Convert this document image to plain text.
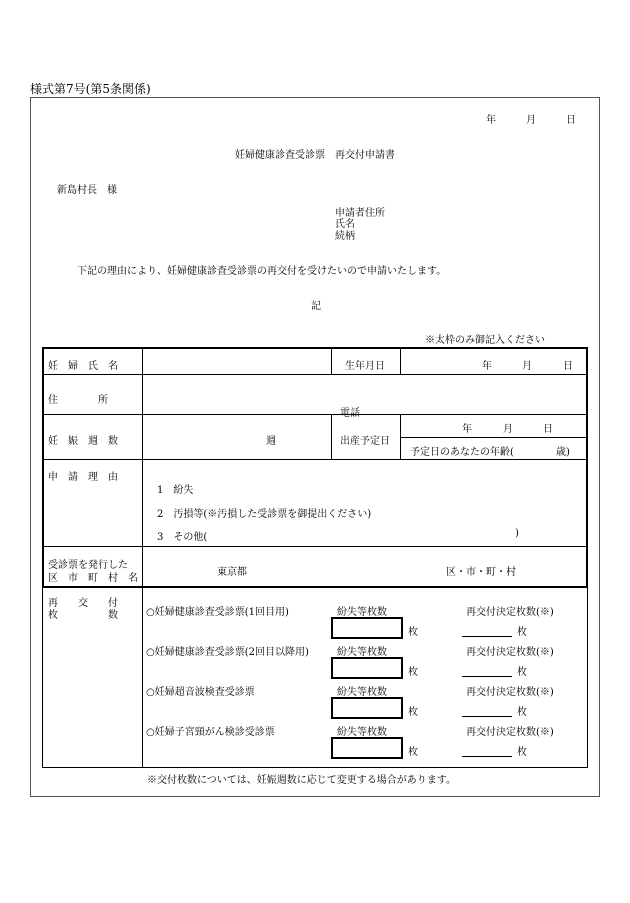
様式第7号(第5条関係)
年	月	日
妊婦健康診査受診票　再交付申請書
新島村長　様
申請者住所
氏名
続柄
下記の理由により、妊婦健康診査受診票の再交付を受けたいので申請いたします。
記
※太枠のみ御記入ください
妊　婦　氏　名	生年月日	年	月	日
住　　　　所
電話
妊　娠　週　数	週	出産予定日
年	月	日
予定日のあなたの年齢(	歳)
申　請　理　由
1　紛失
2　汚損等(※汚損した受診票を御提出ください)
3　その他(	)
受診票を発行した
区　市　町　村　名
東京都	区・市・町・村
再　　交　　付
枚　　　　　数	○妊婦健康診査受診票(1回目用)	紛失等枚数	再交付決定枚数(※)
枚	枚
○妊婦健康診査受診票(2回目以降用)	紛失等枚数	再交付決定枚数(※)
枚	枚
○妊婦超音波検査受診票	紛失等枚数	再交付決定枚数(※)
枚	枚
○妊婦子宮頸がん検診受診票	紛失等枚数	再交付決定枚数(※)
枚	枚
※交付枚数については、妊娠週数に応じて変更する場合があります。
